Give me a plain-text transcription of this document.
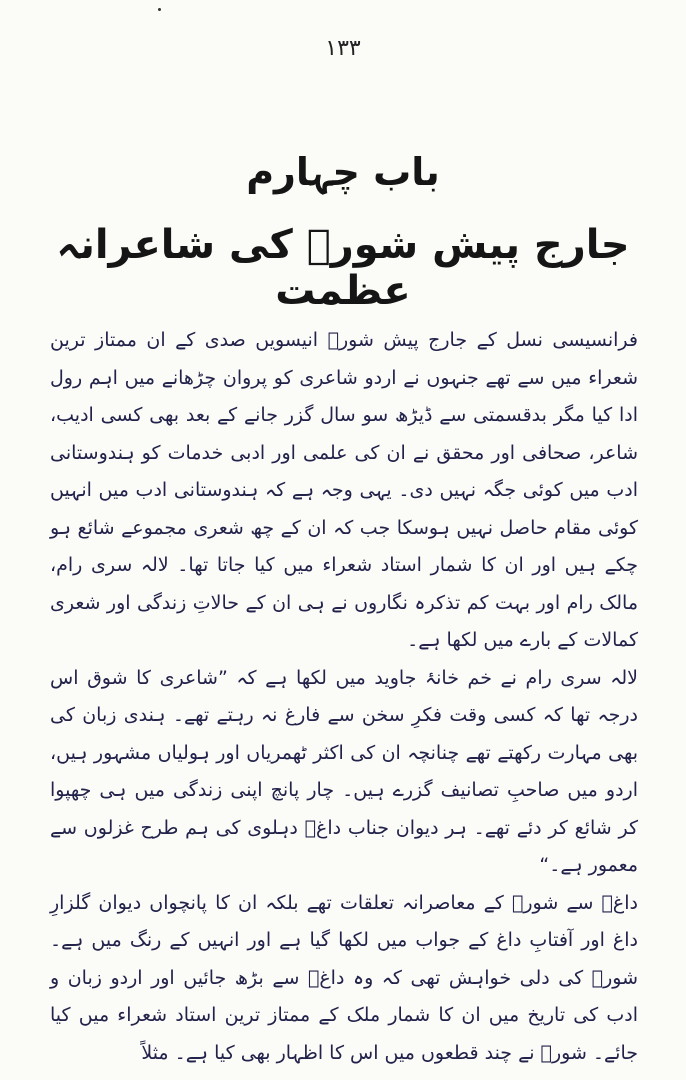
۱۳۳
باب چہارم
جارج پیش شورؔ کی شاعرانہ عظمت

فرانسیسی نسل کے جارج پیش شورؔ انیسویں صدی کے ان ممتاز ترین شعراء میں سے تھے جنہوں نے اردو شاعری کو پروان چڑھانے میں اہم رول ادا کیا مگر بدقسمتی سے ڈیڑھ سو سال گزر جانے کے بعد بھی کسی ادیب، شاعر، صحافی اور محقق نے ان کی علمی اور ادبی خدمات کو ہندوستانی ادب میں کوئی جگہ نہیں دی۔ یہی وجہ ہے کہ ہندوستانی ادب میں انہیں کوئی مقام حاصل نہیں ہوسکا جب کہ ان کے چھ شعری مجموعے شائع ہو چکے ہیں اور ان کا شمار استاد شعراء میں کیا جاتا تھا۔ لالہ سری رام، مالک رام اور بہت کم تذکرہ نگاروں نے ہی ان کے حالاتِ زندگی اور شعری کمالات کے بارے میں لکھا ہے۔

لالہ سری رام نے خم خانۂ جاوید میں لکھا ہے کہ ”شاعری کا شوق اس درجہ تھا کہ کسی وقت فکرِ سخن سے فارغ نہ رہتے تھے۔ ہندی زبان کی بھی مہارت رکھتے تھے چنانچہ ان کی اکثر ٹھمریاں اور ہولیاں مشہور ہیں، اردو میں صاحبِ تصانیف گزرے ہیں۔ چار پانچ اپنی زندگی میں ہی چھپوا کر شائع کر دئے تھے۔ ہر دیوان جناب داغؔ دہلوی کی ہم طرح غزلوں سے معمور ہے۔“

داغؔ سے شورؔ کے معاصرانہ تعلقات تھے بلکہ ان کا پانچواں دیوان گلزارِ داغ اور آفتابِ داغ کے جواب میں لکھا گیا ہے اور انہیں کے رنگ میں ہے۔ شورؔ کی دلی خواہش تھی کہ وہ داغؔ سے بڑھ جائیں اور اردو زبان و ادب کی تاریخ میں ان کا شمار ملک کے ممتاز ترین استاد شعراء میں کیا جائے۔ شورؔ نے چند قطعوں میں اس کا اظہار بھی کیا ہے۔ مثلاً
